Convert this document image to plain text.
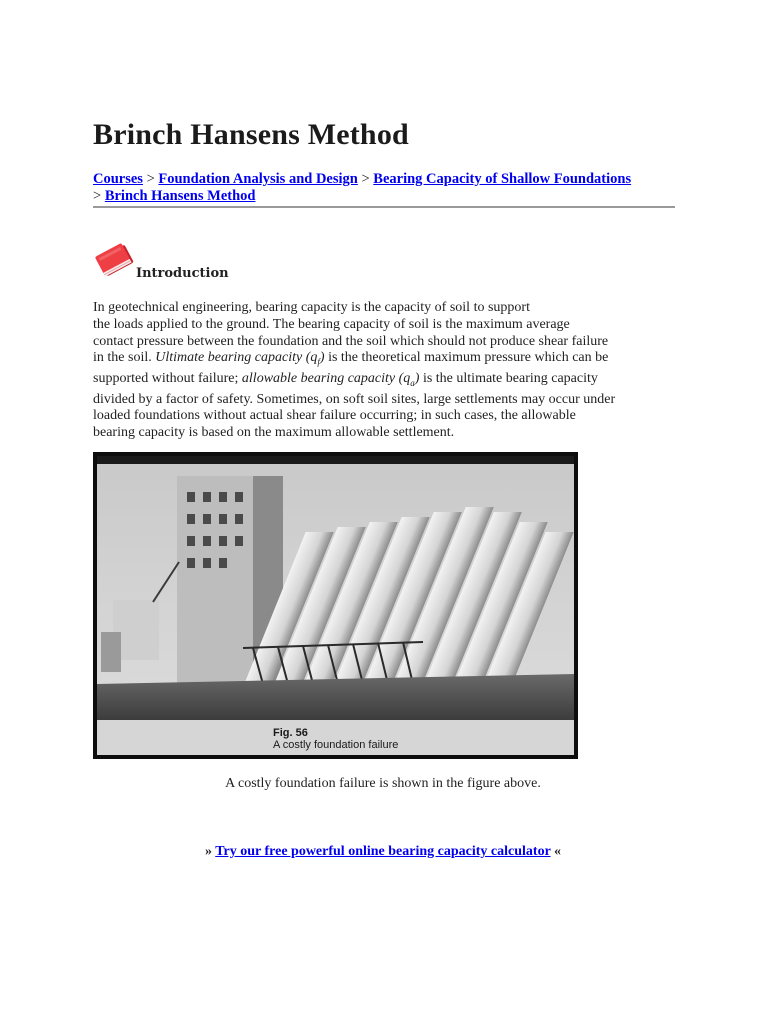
Brinch Hansens Method
Courses > Foundation Analysis and Design > Bearing Capacity of Shallow Foundations
> Brinch Hansens Method
Introduction
In geotechnical engineering, bearing capacity is the capacity of soil to support
the loads applied to the ground. The bearing capacity of soil is the maximum average
contact pressure between the foundation and the soil which should not produce shear failure
in the soil. Ultimate bearing capacity $(q_f)$ is the theoretical maximum pressure which can be
supported without failure; allowable bearing capacity $(q_a)$ is the ultimate bearing capacity
divided by a factor of safety. Sometimes, on soft soil sites, large settlements may occur under
loaded foundations without actual shear failure occurring; in such cases, the allowable
bearing capacity is based on the maximum allowable settlement.
Fig. 56
A costly foundation failure
A costly foundation failure is shown in the figure above.
» Try our free powerful online bearing capacity calculator «
